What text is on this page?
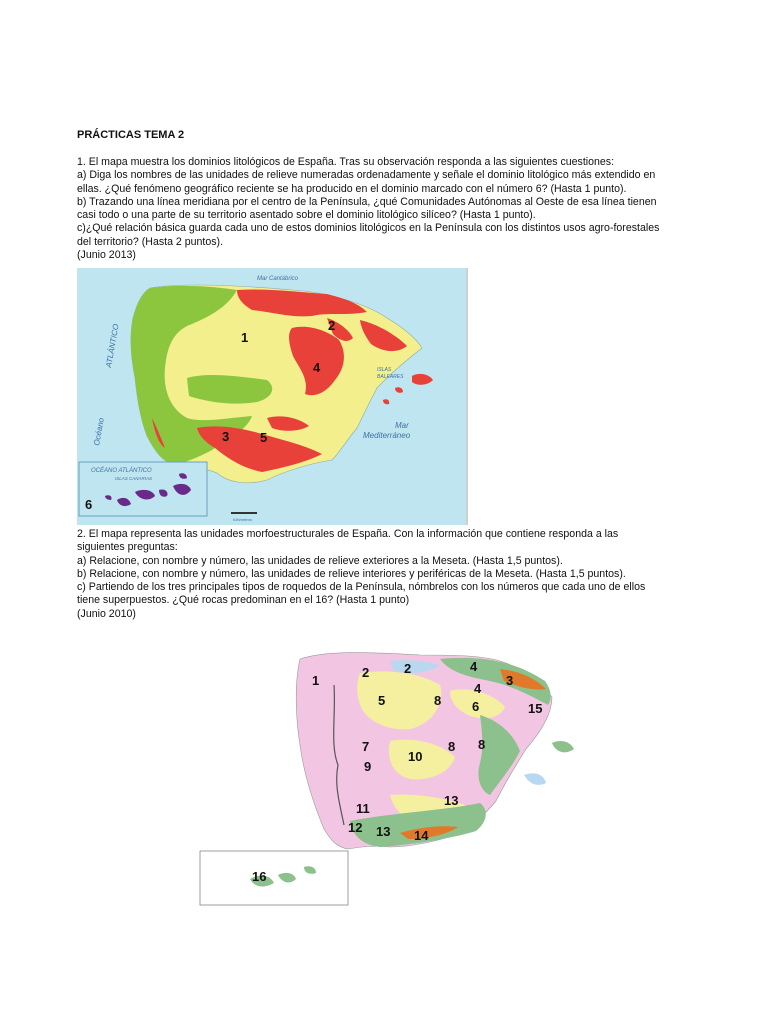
PRÁCTICAS TEMA 2
1. El mapa muestra los dominios litológicos de España. Tras su observación responda a las siguientes cuestiones:
a) Diga los nombres de las unidades de relieve numeradas ordenadamente y señale el dominio litológico más extendido en
ellas. ¿Qué fenómeno geográfico reciente se ha producido en el dominio marcado con el número 6? (Hasta 1 punto).
b) Trazando una línea meridiana por el centro de la Península, ¿qué Comunidades Autónomas al Oeste de esa línea tienen
casi todo o una parte de su territorio asentado sobre el dominio litológico silíceo? (Hasta 1 punto).
c)¿Qué relación básica guarda cada uno de estos dominios litológicos en la Península con los distintos usos agro-forestales
del territorio? (Hasta 2 puntos).
(Junio 2013)
Mar Cantábrico
ATLÁNTICO
Océano
ISLAS
BALEARES
Mar
Mediterráneo
OCÉANO ATLÁNTICO
ISLAS CANARIAS
Kilómetros
1
2
3
4
5
6
2. El mapa representa las unidades morfoestructurales de España. Con la información que contiene responda a las
siguientes preguntas:
a) Relacione, con nombre y número, las unidades de relieve exteriores a la Meseta. (Hasta 1,5 puntos).
b) Relacione, con nombre y número, las unidades de relieve interiores y periféricas de la Meseta. (Hasta 1,5 puntos).
c) Partiendo de los tres principales tipos de roquedos de la Península, nómbrelos con los números que cada uno de ellos
tiene superpuestos. ¿Qué rocas predominan en el 16? (Hasta 1 punto)
(Junio 2010)
1
2	2	4
3
4
5	8 6	15
7	8 8
10
9
13
11
12 13 14
16
